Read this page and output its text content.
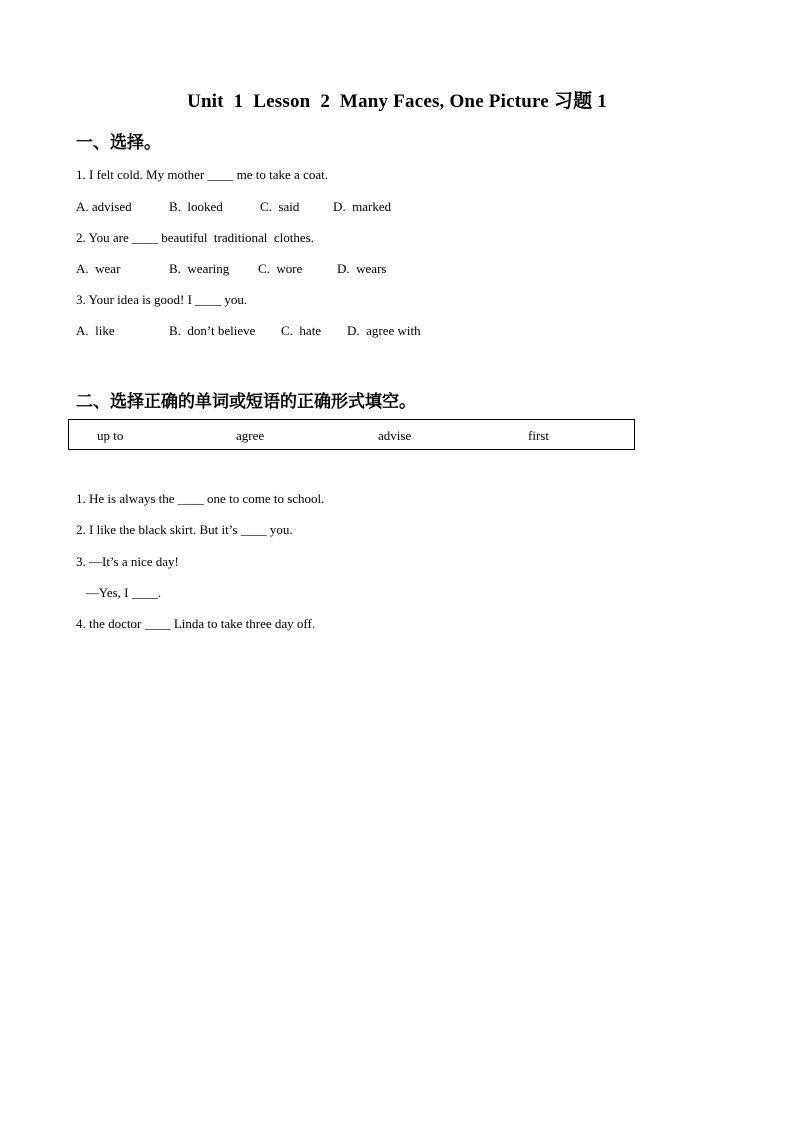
Unit  1  Lesson  2  Many Faces, One Picture 习题 1
一、选择。
1. I felt cold. My mother ____ me to take a coat.
A. advised	B.  looked	C.  said	D.  marked
2. You are ____ beautiful  traditional  clothes.
A.  wear	B.  wearing C.  wore	D.  wears
3. Your idea is good! I ____ you.
A.  like	B.  don’t believe C.  hate D.  agree with
二、选择正确的单词或短语的正确形式填空。
up to	agree	advise	first
1. He is always the ____ one to come to school.
2. I like the black skirt. But it’s ____ you.
3. —It’s a nice day!
—Yes, I ____.
4. the doctor ____ Linda to take three day off.
